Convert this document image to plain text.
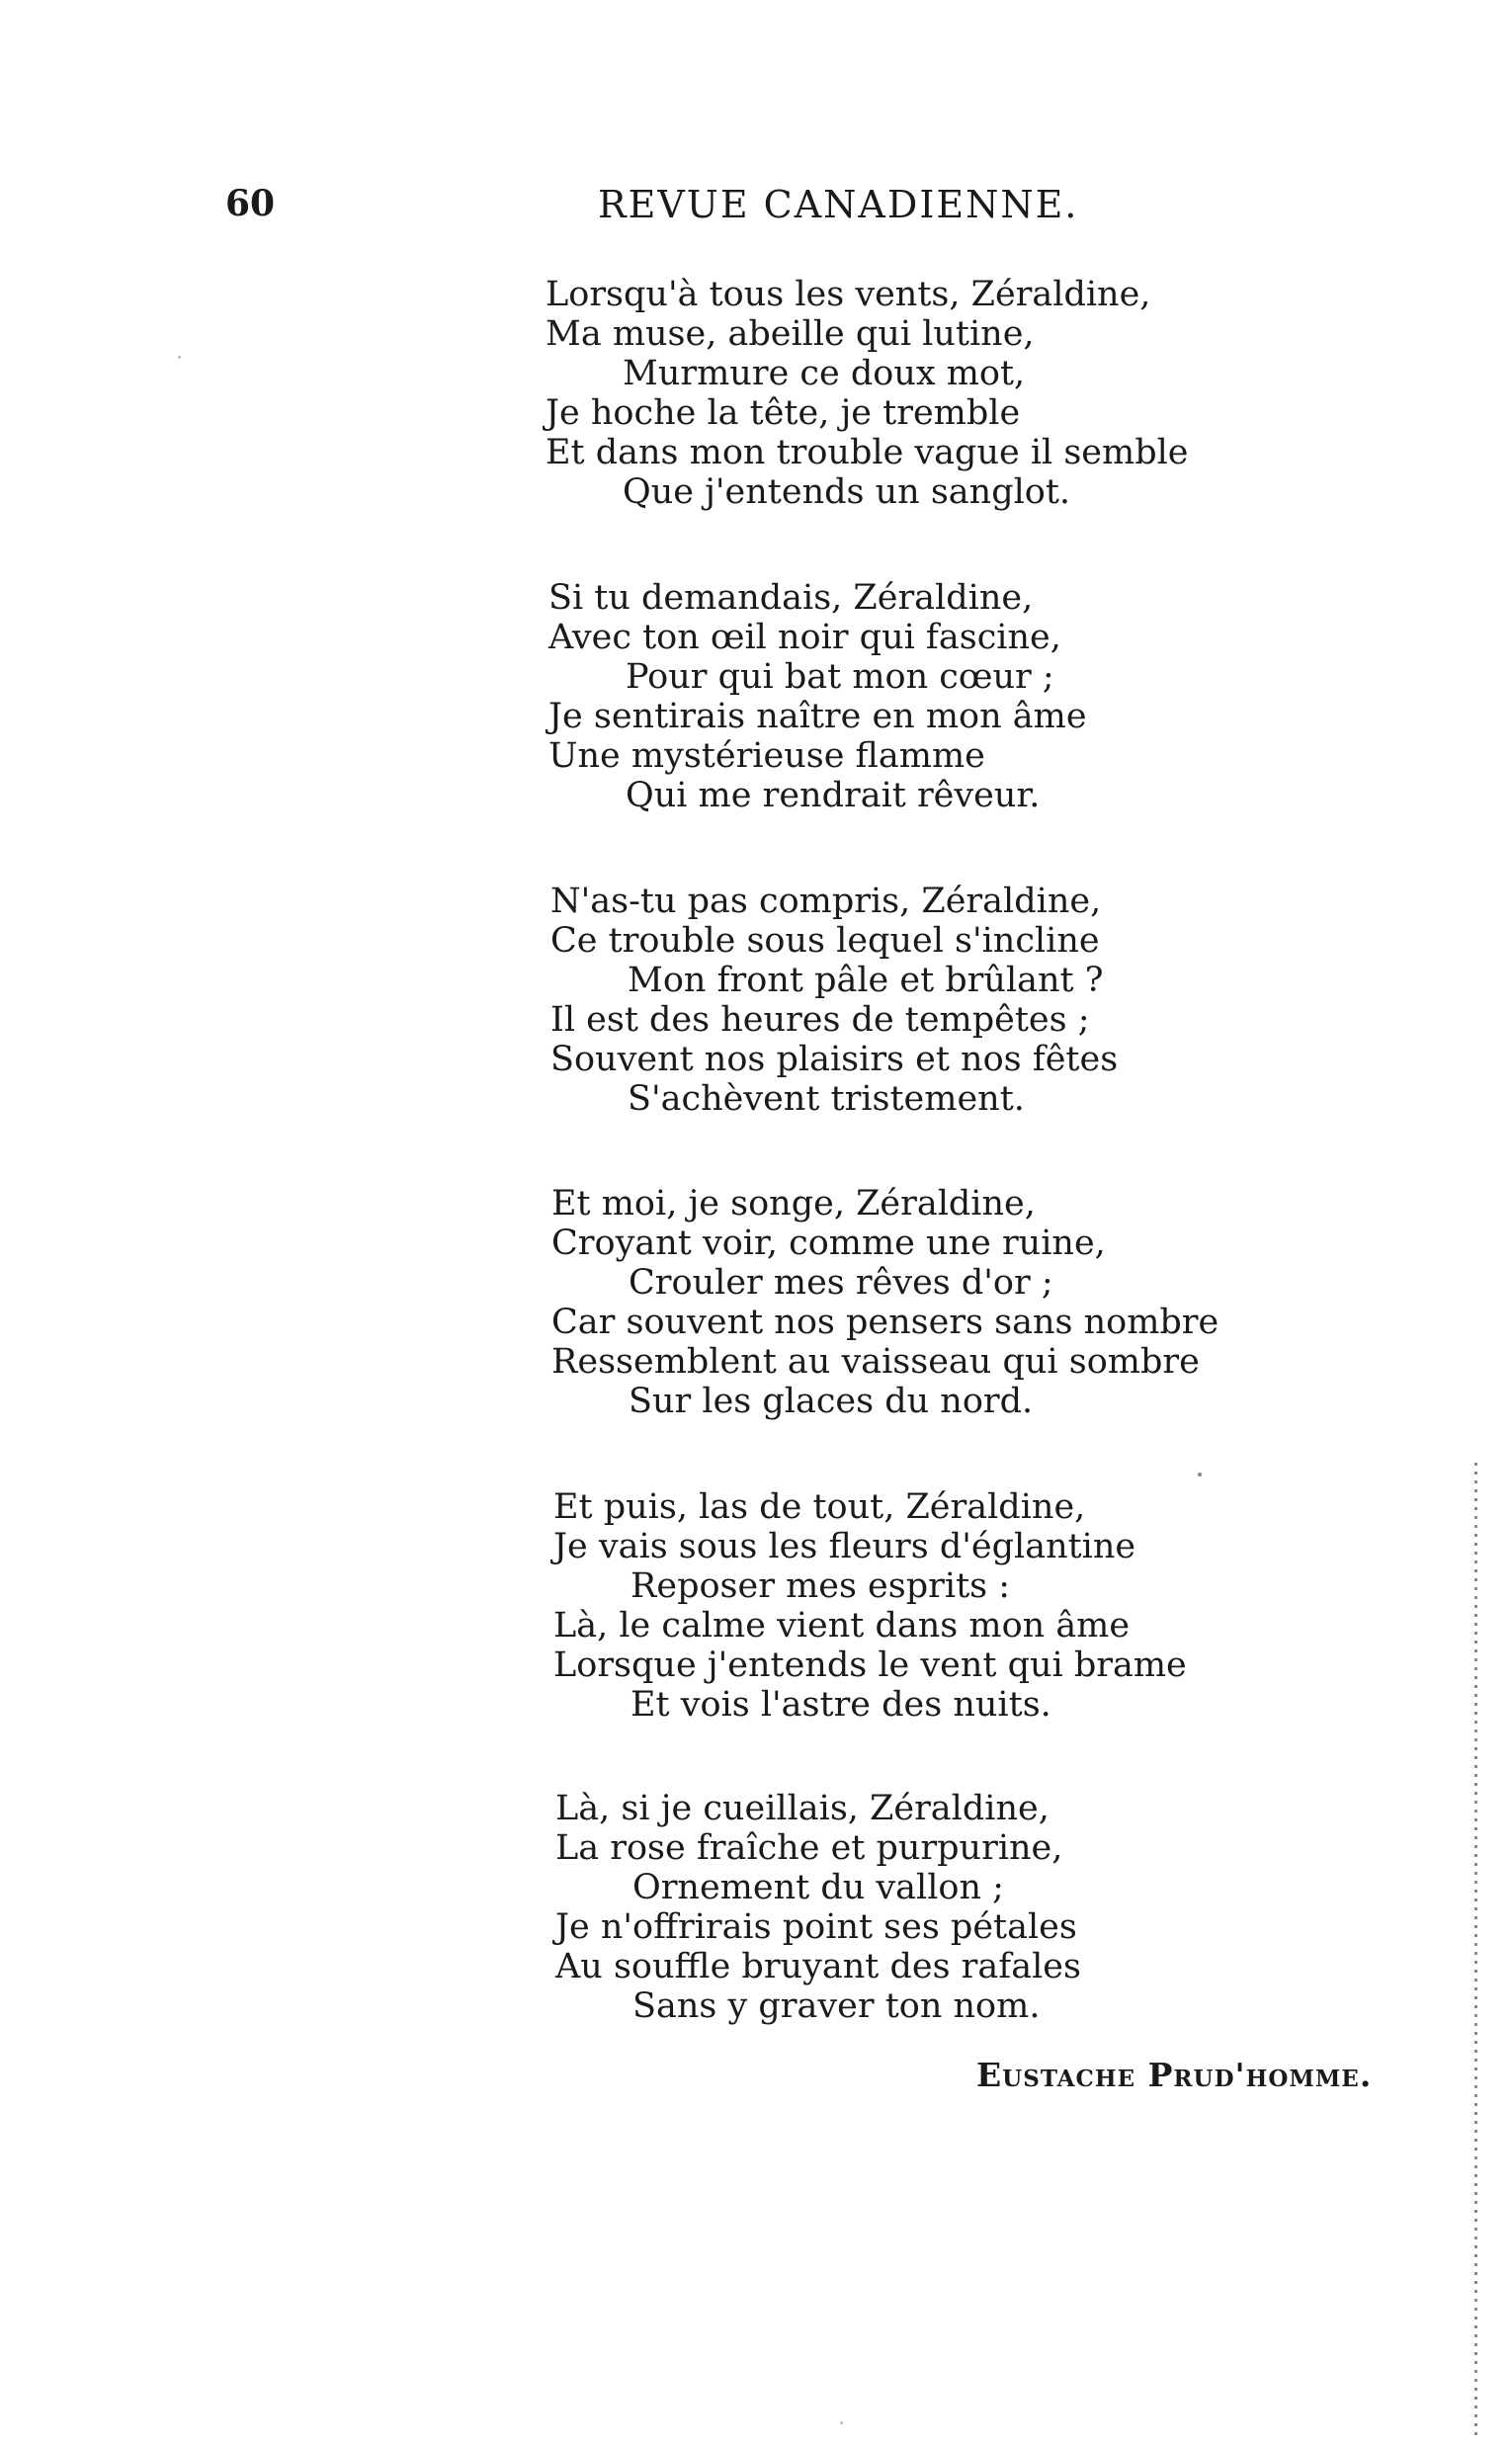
60	REVUE CANADIENNE.
Lorsqu'à tous les vents, Zéraldine,
Ma muse, abeille qui lutine,
Murmure ce doux mot,
Je hoche la tête, je tremble
Et dans mon trouble vague il semble
Que j'entends un sanglot.
Si tu demandais, Zéraldine,
Avec ton œil noir qui fascine,
Pour qui bat mon cœur ;
Je sentirais naître en mon âme
Une mystérieuse flamme
Qui me rendrait rêveur.
N'as-tu pas compris, Zéraldine,
Ce trouble sous lequel s'incline
Mon front pâle et brûlant ?
Il est des heures de tempêtes ;
Souvent nos plaisirs et nos fêtes
S'achèvent tristement.
Et moi, je songe, Zéraldine,
Croyant voir, comme une ruine,
Crouler mes rêves d'or ;
Car souvent nos pensers sans nombre
Ressemblent au vaisseau qui sombre
Sur les glaces du nord.
Et puis, las de tout, Zéraldine,
Je vais sous les fleurs d'églantine
Reposer mes esprits :
Là, le calme vient dans mon âme
Lorsque j'entends le vent qui brame
Et vois l'astre des nuits.
Là, si je cueillais, Zéraldine,
La rose fraîche et purpurine,
Ornement du vallon ;
Je n'offrirais point ses pétales
Au souffle bruyant des rafales
Sans y graver ton nom.
Eustache Prud'homme.
